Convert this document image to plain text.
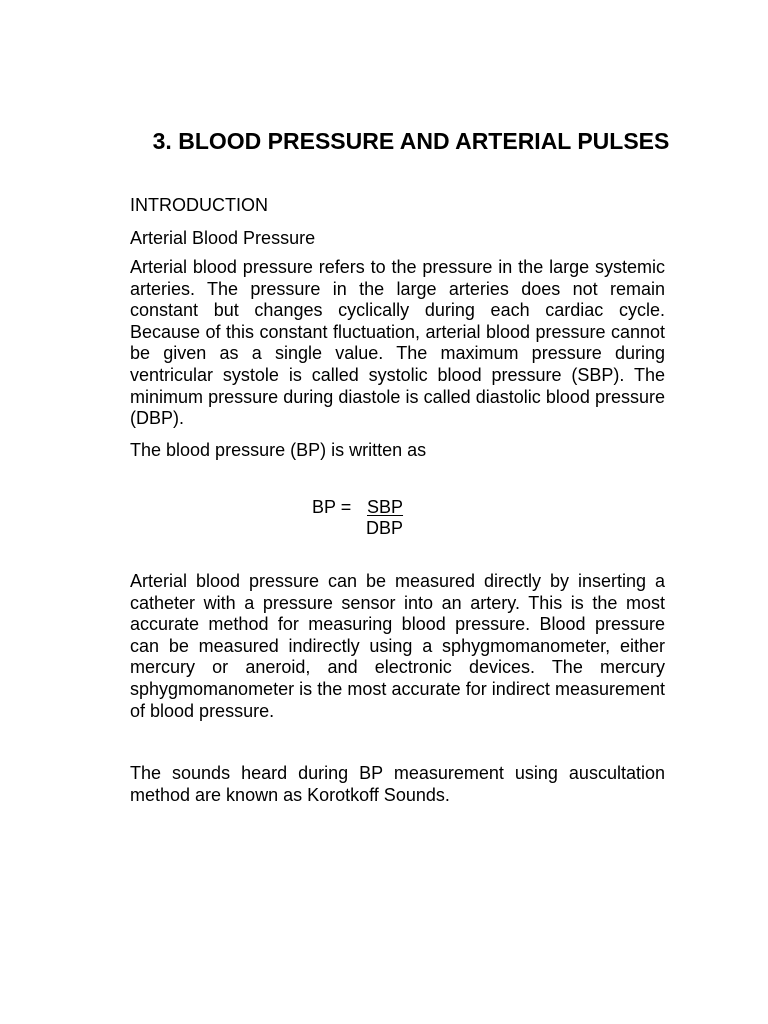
3. BLOOD PRESSURE AND ARTERIAL PULSES

INTRODUCTION

Arterial Blood Pressure

Arterial blood pressure refers to the pressure in the large systemic arteries. The pressure in the large arteries does not remain constant but changes cyclically during each cardiac cycle. Because of this constant fluctuation, arterial blood pressure cannot be given as a single value. The maximum pressure during ventricular systole is called systolic blood pressure (SBP). The minimum pressure during diastole is called diastolic blood pressure (DBP).

The blood pressure (BP) is written as

BP = SBP
DBP

Arterial blood pressure can be measured directly by inserting a catheter with a pressure sensor into an artery. This is the most accurate method for measuring blood pressure. Blood pressure can be measured indirectly using a sphygmomanometer, either mercury or aneroid, and electronic devices. The mercury sphygmomanometer is the most accurate for indirect measurement of blood pressure.

The sounds heard during BP measurement using auscultation method are known as Korotkoff Sounds.
